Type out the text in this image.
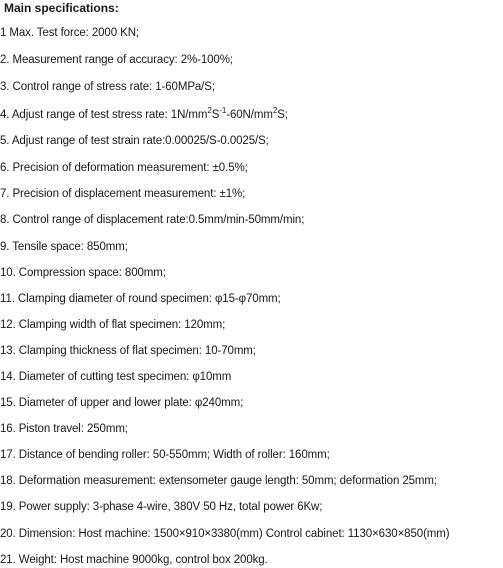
Main specifications:
1 Max. Test force: 2000 KN;
2. Measurement range of accuracy: 2%-100%;
3. Control range of stress rate: 1-60MPa/S;
4. Adjust range of test stress rate: $1N/mm^2S^{-1}-60N/mm^2S$;
5. Adjust range of test strain rate:0.00025/S-0.0025/S;
6. Precision of deformation measurement: ±0.5%;
7. Precision of displacement measurement: ±1%;
8. Control range of displacement rate:0.5mm/min-50mm/min;
9. Tensile space: 850mm;
10. Compression space: 800mm;
11. Clamping diameter of round specimen: φ15-φ70mm;
12. Clamping width of flat specimen: 120mm;
13. Clamping thickness of flat specimen: 10-70mm;
14. Diameter of cutting test specimen: φ10mm
15. Diameter of upper and lower plate: φ240mm;
16. Piston travel: 250mm;
17. Distance of bending roller: 50-550mm; Width of roller: 160mm;
18. Deformation measurement: extensometer gauge length: 50mm; deformation 25mm;
19. Power supply: 3-phase 4-wire, 380V 50 Hz, total power 6Kw;
20. Dimension: Host machine: 1500×910×3380(mm) Control cabinet: 1130×630×850(mm)
21. Weight: Host machine 9000kg, control box 200kg.
